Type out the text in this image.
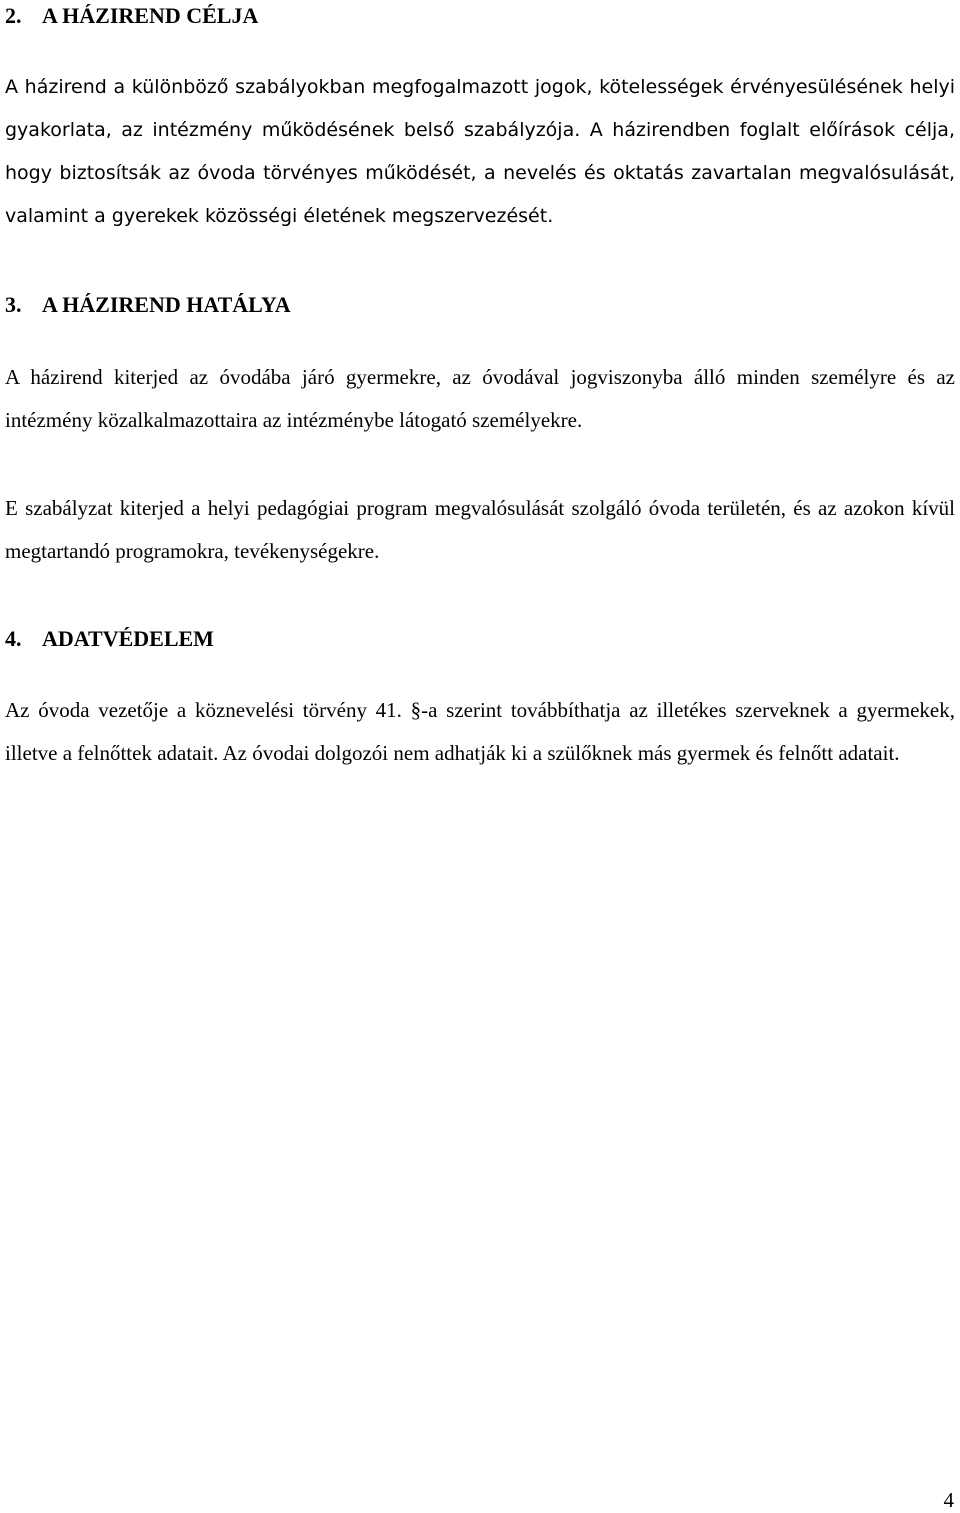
2. A HÁZIREND CÉLJA

A házirend a különböző szabályokban megfogalmazott jogok, kötelességek érvényesülésének helyi gyakorlata, az intézmény működésének belső szabályzója. A házirendben foglalt előírások célja, hogy biztosítsák az óvoda törvényes működését, a nevelés és oktatás zavartalan megvalósulását, valamint a gyerekek közösségi életének megszervezését.

3. A HÁZIREND HATÁLYA

A házirend kiterjed az óvodába járó gyermekre, az óvodával jogviszonyba álló minden személyre és az intézmény közalkalmazottaira az intézménybe látogató személyekre.

E szabályzat kiterjed a helyi pedagógiai program megvalósulását szolgáló óvoda területén, és az azokon kívül megtartandó programokra, tevékenységekre.

4. ADATVÉDELEM

Az óvoda vezetője a köznevelési törvény 41. §-a szerint továbbíthatja az illetékes szerveknek a gyermekek, illetve a felnőttek adatait. Az óvodai dolgozói nem adhatják ki a szülőknek más gyermek és felnőtt adatait.

4
